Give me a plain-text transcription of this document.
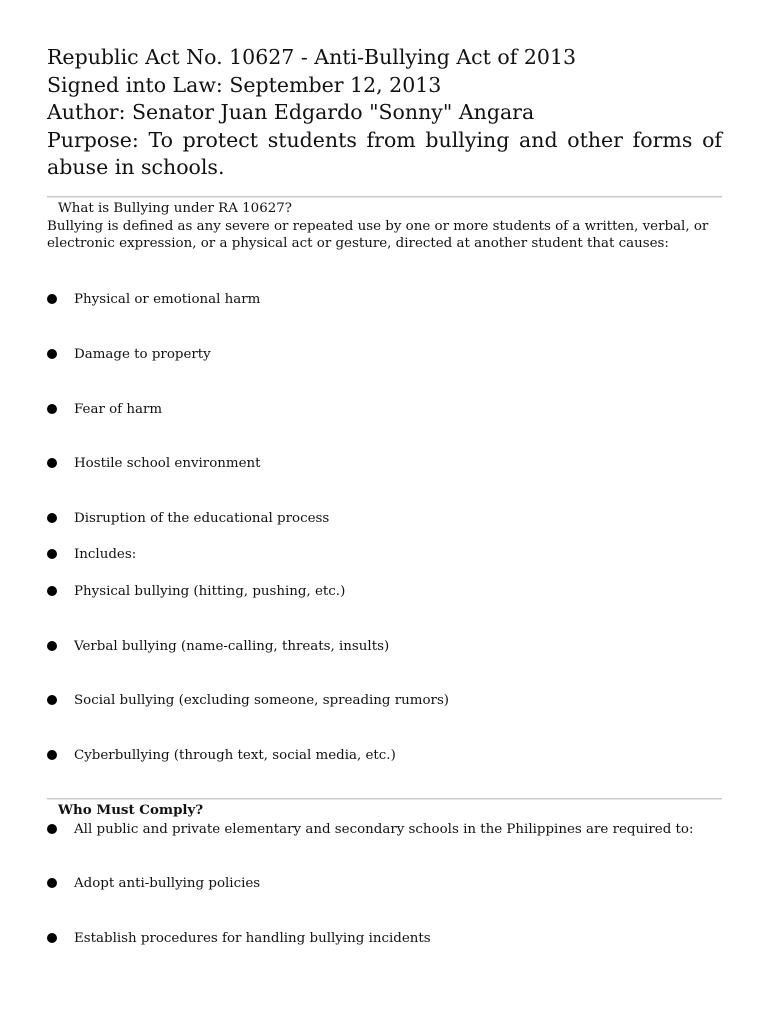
Republic Act No. 10627 - Anti-Bullying Act of 2013

Signed into Law: September 12, 2013

Author: Senator Juan Edgardo "Sonny" Angara

Purpose: To protect students from bullying and other forms of abuse in schools.

What is Bullying under RA 10627?
Bullying is defined as any severe or repeated use by one or more students of a written, verbal, or electronic expression, or a physical act or gesture, directed at another student that causes:
Physical or emotional harm
Damage to property
Fear of harm
Hostile school environment
Disruption of the educational process
Includes:
Physical bullying (hitting, pushing, etc.)
Verbal bullying (name-calling, threats, insults)
Social bullying (excluding someone, spreading rumors)
Cyberbullying (through text, social media, etc.)
Who Must Comply?
All public and private elementary and secondary schools in the Philippines are required to:
Adopt anti-bullying policies
Establish procedures for handling bullying incidents
